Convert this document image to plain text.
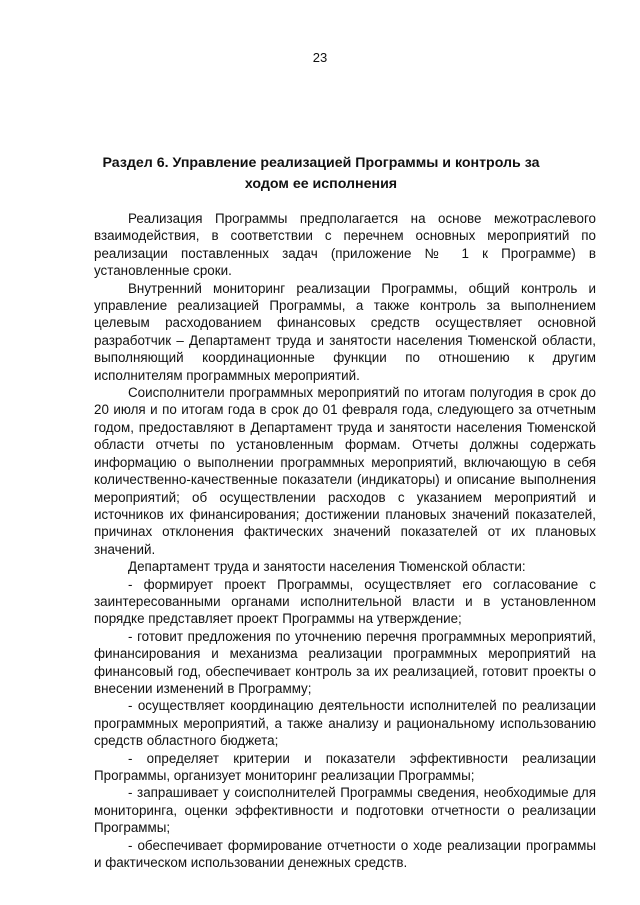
23
Раздел 6. Управление реализацией Программы и контроль за ходом ее исполнения

Реализация Программы предполагается на основе межотраслевого взаимодействия, в соответствии с перечнем основных мероприятий по реализации поставленных задач (приложение № 1 к Программе) в установленные сроки.

Внутренний мониторинг реализации Программы, общий контроль и управление реализацией Программы, а также контроль за выполнением целевым расходованием финансовых средств осуществляет основной разработчик – Департамент труда и занятости населения Тюменской области, выполняющий координационные функции по отношению к другим исполнителям программных мероприятий.

Соисполнители программных мероприятий по итогам полугодия в срок до 20 июля и по итогам года в срок до 01 февраля года, следующего за отчетным годом, предоставляют в Департамент труда и занятости населения Тюменской области отчеты по установленным формам. Отчеты должны содержать информацию о выполнении программных мероприятий, включающую в себя количественно-качественные показатели (индикаторы) и описание выполнения мероприятий; об осуществлении расходов с указанием мероприятий и источников их финансирования; достижении плановых значений показателей, причинах отклонения фактических значений показателей от их плановых значений.

Департамент труда и занятости населения Тюменской области:

- формирует проект Программы, осуществляет его согласование с заинтересованными органами исполнительной власти и в установленном порядке представляет проект Программы на утверждение;

- готовит предложения по уточнению перечня программных мероприятий, финансирования и механизма реализации программных мероприятий на финансовый год, обеспечивает контроль за их реализацией, готовит проекты о внесении изменений в Программу;

- осуществляет координацию деятельности исполнителей по реализации программных мероприятий, а также анализу и рациональному использованию средств областного бюджета;

- определяет критерии и показатели эффективности реализации Программы, организует мониторинг реализации Программы;

- запрашивает у соисполнителей Программы сведения, необходимые для мониторинга, оценки эффективности и подготовки отчетности о реализации Программы;

- обеспечивает формирование отчетности о ходе реализации программы и фактическом использовании денежных средств.
